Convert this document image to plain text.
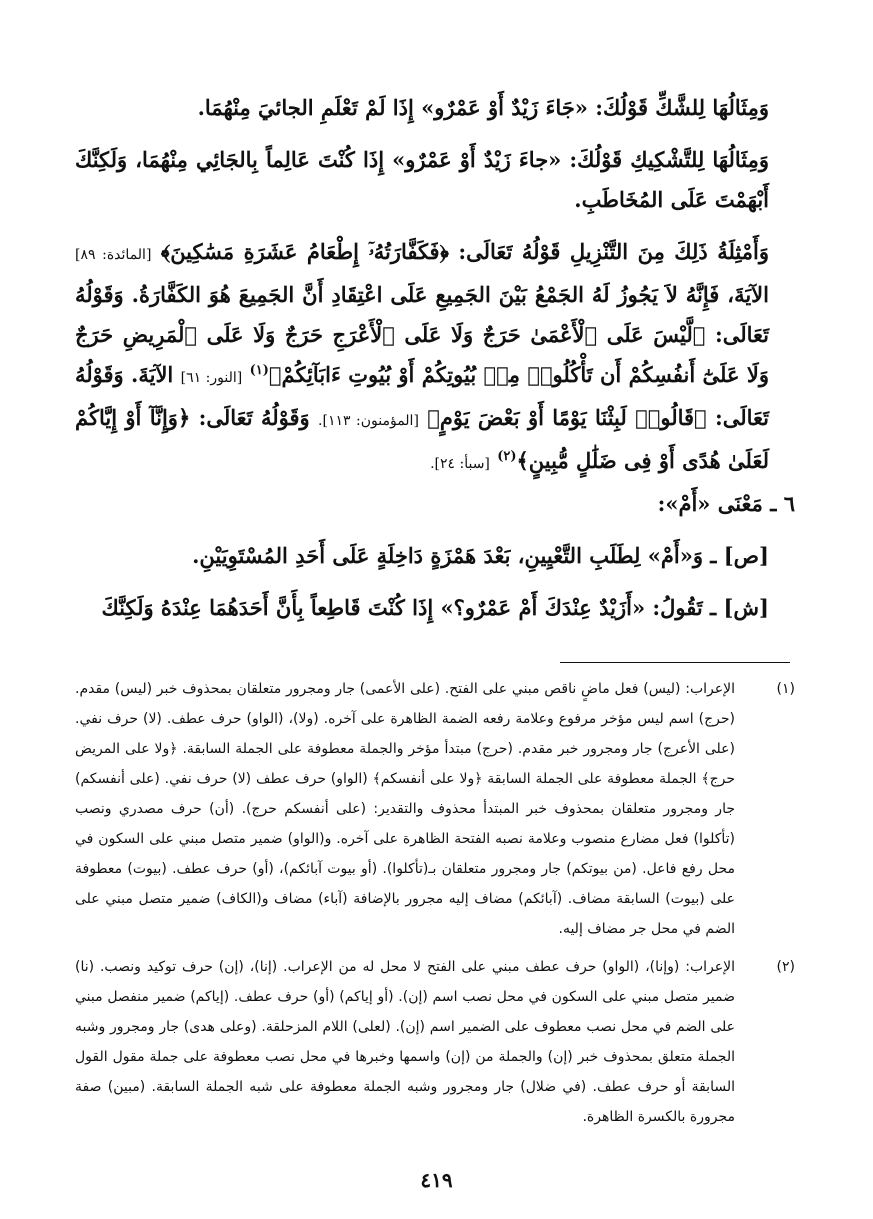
وَمِثَالُهَا لِلشَّكِّ قَوْلُكَ: «جَاءَ زَيْدٌ أَوْ عَمْرٌو» إِذَا لَمْ تَعْلَمِ الجائيَ مِنْهُمَا.

وَمِثَالُهَا لِلتَّشْكِيكِ قَوْلُكَ: «جاءَ زَيْدٌ أَوْ عَمْرٌو» إِذَا كُنْتَ عَالِماً بِالجَائِي مِنْهُمَا، وَلَكِنَّكَ أَبْهَمْتَ عَلَى المُخَاطَبِ.

وَأَمْثِلَةُ ذَلِكَ مِنَ التَّنْزِيلِ قَوْلُهُ تَعَالَى: ﴿فَكَفَّارَتُهُۥٓ إِطْعَامُ عَشَرَةِ مَسَٰكِينَ﴾ [المائدة: ٨٩] الآيَةَ، فَإِنَّهُ لاَ يَجُوزُ لَهُ الجَمْعُ بَيْنَ الجَمِيعِ عَلَى اعْتِقَادِ أَنَّ الجَمِيعَ هُوَ الكَفَّارَةُ. وَقَوْلُهُ تَعَالَى: ﴿لَّيْسَ عَلَى ٱلْأَعْمَىٰ حَرَجٌ وَلَا عَلَى ٱلْأَعْرَجِ حَرَجٌ وَلَا عَلَى ٱلْمَرِيضِ حَرَجٌ وَلَا عَلَىٰٓ أَنفُسِكُمْ أَن تَأْكُلُوا۟ مِنۢ بُيُوتِكُمْ أَوْ بُيُوتِ ءَابَآئِكُمْ﴾$^{(١)}$ [النور: ٦١] الآيَةَ. وَقَوْلُهُ تَعَالَى: ﴿قَالُوا۟ لَبِثْنَا يَوْمًا أَوْ بَعْضَ يَوْمٍ﴾ [المؤمنون: ١١٣]. وَقَوْلُهُ تَعَالَى: ﴿وَإِنَّآ أَوْ إِيَّاكُمْ لَعَلَىٰ هُدًى أَوْ فِى ضَلَٰلٍ مُّبِينٍ﴾$^{(٢)}$ [سبأ: ٢٤].

٦ ـ مَعْنَى «أَمْ»:

[ص] ـ وَ«أَمْ» لِطَلَبِ التَّعْيِينِ، بَعْدَ هَمْزَةٍ دَاخِلَةٍ عَلَى أَحَدِ المُسْتَوِيَيْنِ.

[ش] ـ تَقُولُ: «أَزَيْدٌ عِنْدَكَ أَمْ عَمْرٌو؟» إِذَا كُنْتَ قَاطِعاً بِأَنَّ أَحَدَهُمَا عِنْدَهُ وَلَكِنَّكَ

(١)
الإعراب: (ليس) فعل ماضٍ ناقص مبني على الفتح. (على الأعمى) جار ومجرور متعلقان بمحذوف خبر (ليس) مقدم. (حرج) اسم ليس مؤخر مرفوع وعلامة رفعه الضمة الظاهرة على آخره. (ولا)، (الواو) حرف عطف. (لا) حرف نفي. (على الأعرج) جار ومجرور خبر مقدم. (حرج) مبتدأ مؤخر والجملة معطوفة على الجملة السابقة. ﴿ولا على المريض حرج﴾ الجملة معطوفة على الجملة السابقة ﴿ولا على أنفسكم﴾ (الواو) حرف عطف (لا) حرف نفي. (على أنفسكم) جار ومجرور متعلقان بمحذوف خبر المبتدأ محذوف والتقدير: (على أنفسكم حرج). (أن) حرف مصدري ونصب (تأكلوا) فعل مضارع منصوب وعلامة نصبه الفتحة الظاهرة على آخره. و(الواو) ضمير متصل مبني على السكون في محل رفع فاعل. (من بيوتكم) جار ومجرور متعلقان بـ(تأكلوا). (أو بيوت آبائكم)، (أو) حرف عطف. (بيوت) معطوفة على (بيوت) السابقة مضاف. (آبائكم) مضاف إليه مجرور بالإضافة (آباء) مضاف و(الكاف) ضمير متصل مبني على الضم في محل جر مضاف إليه.
(٢)
الإعراب: (وإنا)، (الواو) حرف عطف مبني على الفتح لا محل له من الإعراب. (إنا)، (إن) حرف توكيد ونصب. (نا) ضمير متصل مبني على السكون في محل نصب اسم (إن). (أو إياكم) (أو) حرف عطف. (إياكم) ضمير منفصل مبني على الضم في محل نصب معطوف على الضمير اسم (إن). (لعلى) اللام المزحلقة. (وعلى هدى) جار ومجرور وشبه الجملة متعلق بمحذوف خبر (إن) والجملة من (إن) واسمها وخبرها في محل نصب معطوفة على جملة مقول القول السابقة أو حرف عطف. (في ضلال) جار ومجرور وشبه الجملة معطوفة على شبه الجملة السابقة. (مبين) صفة مجرورة بالكسرة الظاهرة.
٤١٩
